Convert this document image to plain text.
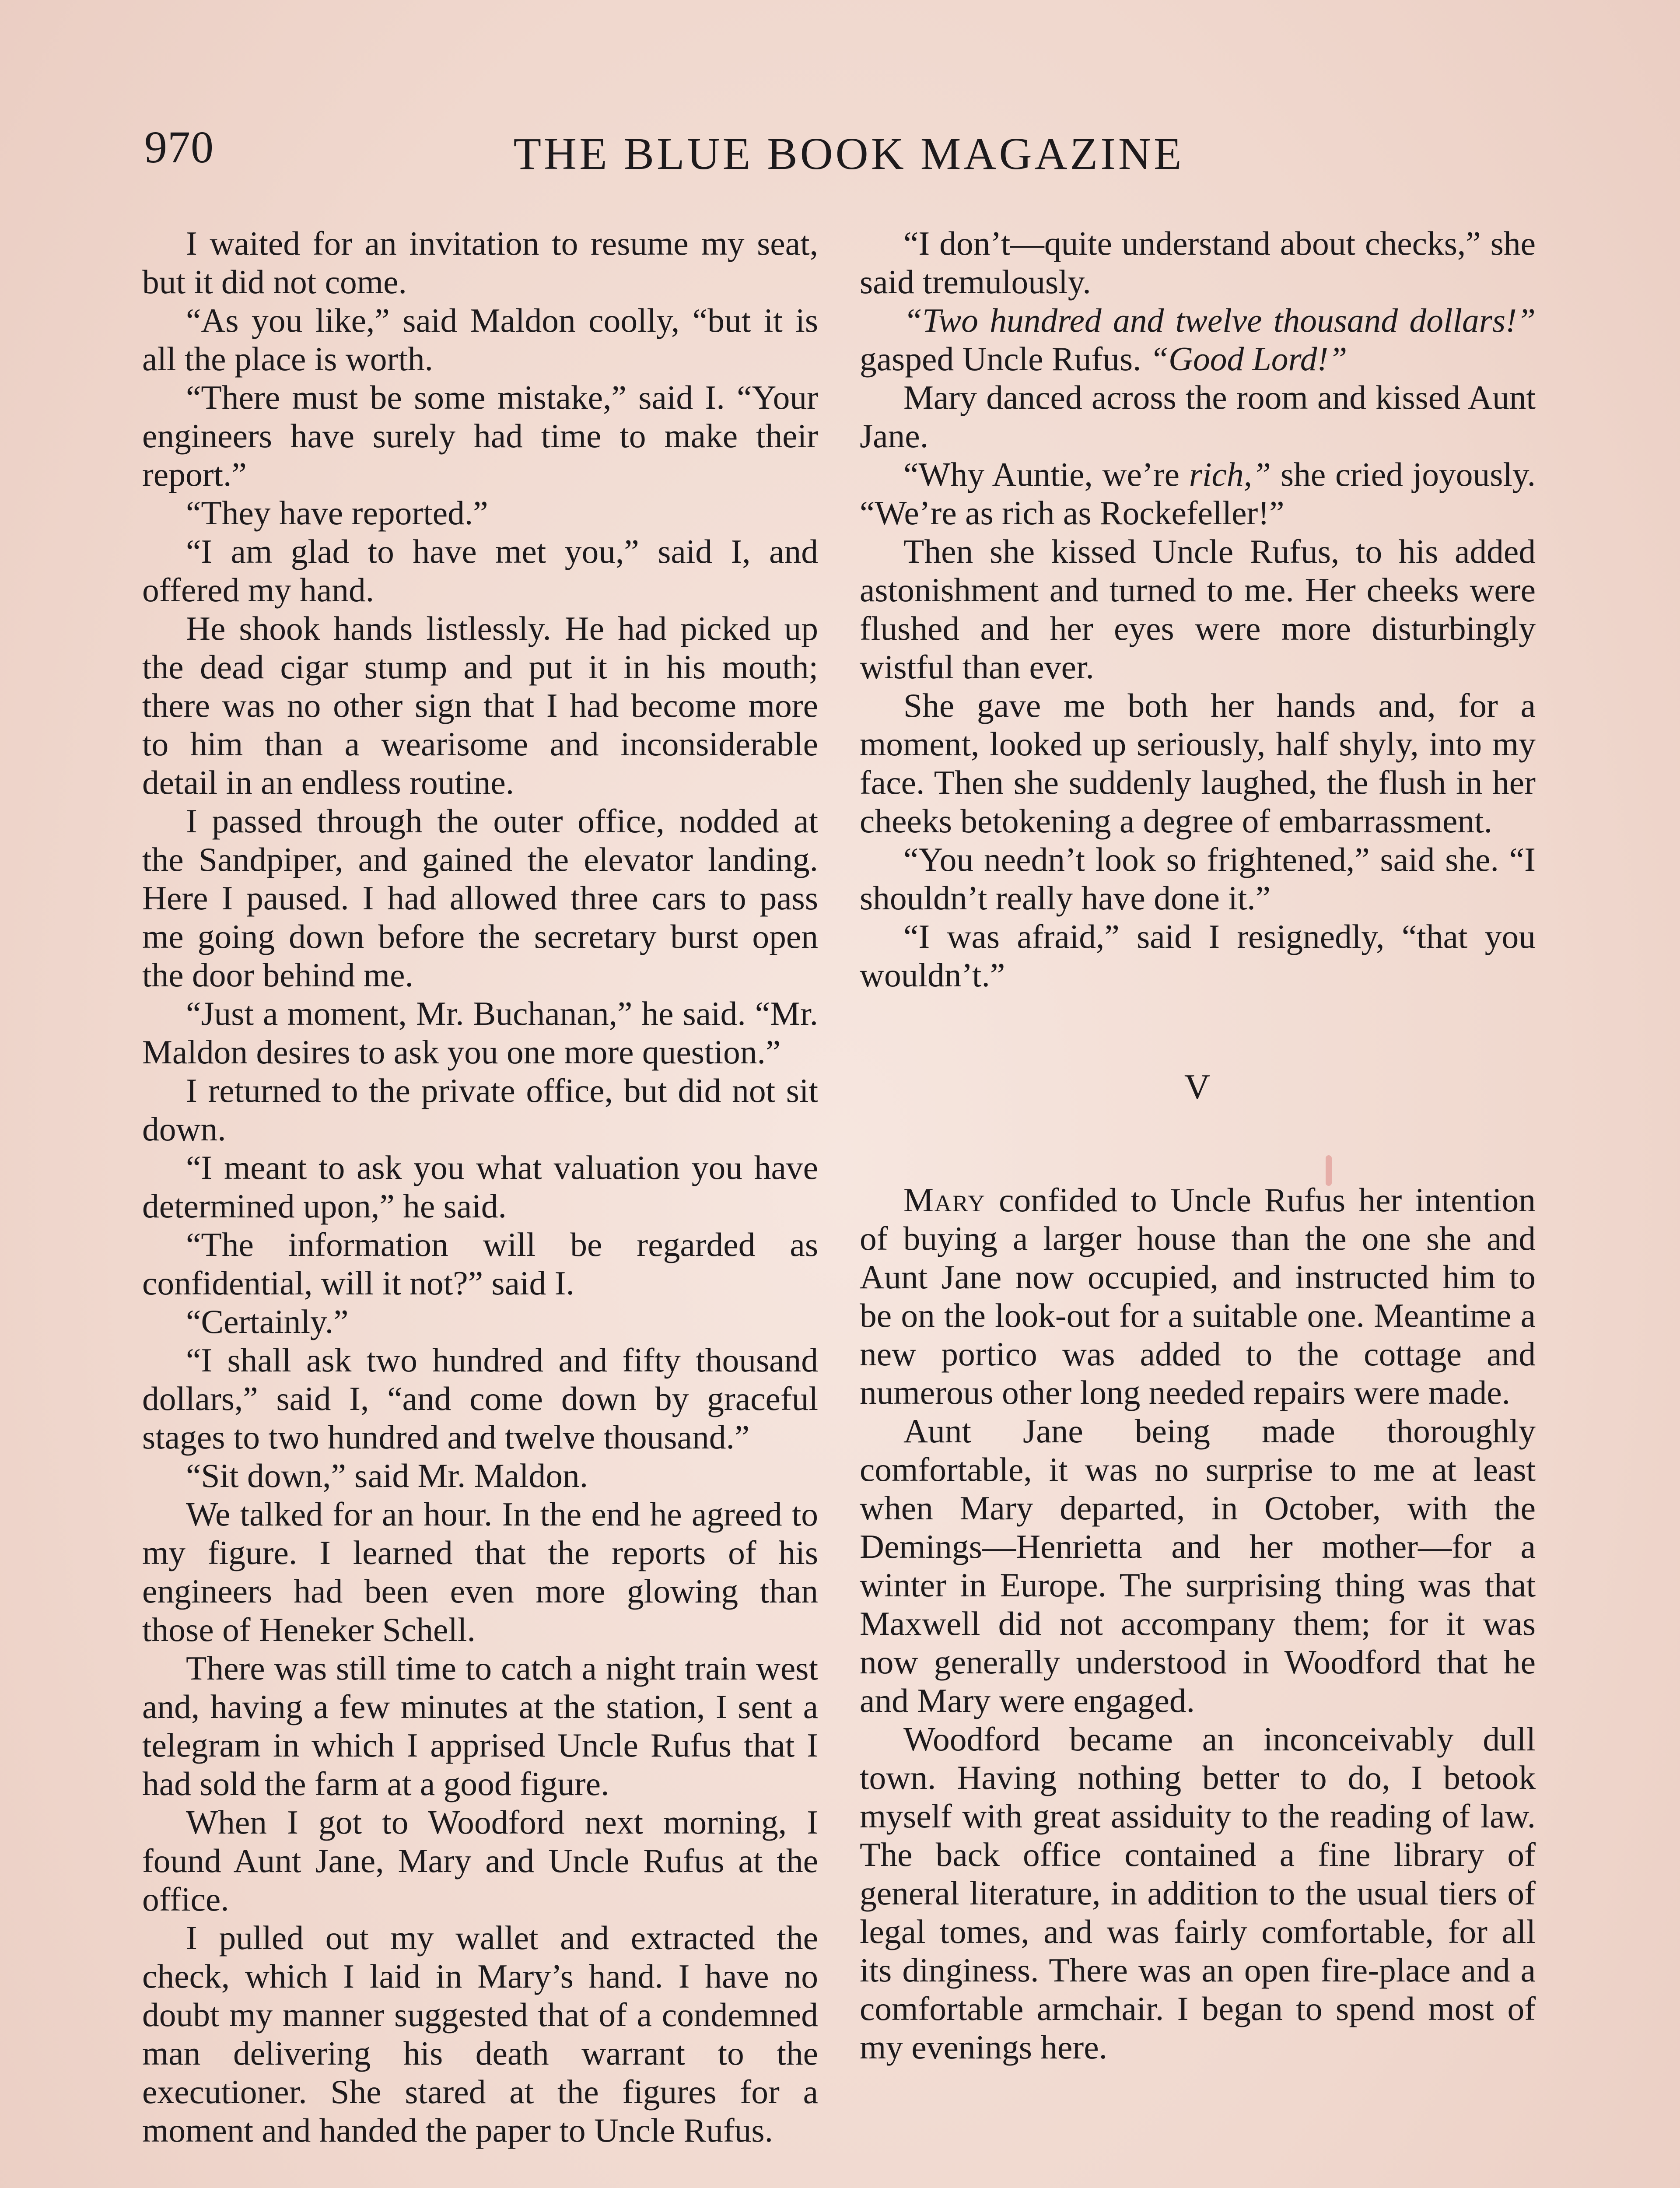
970	THE BLUE BOOK MAGAZINE

I waited for an invitation to resume my seat, but it did not come.

“As you like,” said Maldon coolly, “but it is all the place is worth.

“There must be some mistake,” said I. “Your engineers have surely had time to make their report.”

“They have reported.”

“I am glad to have met you,” said I, and offered my hand.

He shook hands listlessly. He had picked up the dead cigar stump and put it in his mouth; there was no other sign that I had become more to him than a wearisome and inconsiderable detail in an endless routine.

I passed through the outer office, nodded at the Sandpiper, and gained the elevator landing. Here I paused. I had allowed three cars to pass me going down before the secretary burst open the door behind me.

“Just a moment, Mr. Buchanan,” he said. “Mr. Maldon desires to ask you one more question.”

I returned to the private office, but did not sit down.

“I meant to ask you what valuation you have determined upon,” he said.

“The information will be regarded as confidential, will it not?” said I.

“Certainly.”

“I shall ask two hundred and fifty thousand dollars,” said I, “and come down by graceful stages to two hundred and twelve thousand.”

“Sit down,” said Mr. Maldon.

We talked for an hour. In the end he agreed to my figure. I learned that the reports of his engineers had been even more glowing than those of Heneker Schell.

There was still time to catch a night train west and, having a few minutes at the station, I sent a telegram in which I apprised Uncle Rufus that I had sold the farm at a good figure.

When I got to Woodford next morning, I found Aunt Jane, Mary and Uncle Rufus at the office.

I pulled out my wallet and extracted the check, which I laid in Mary’s hand. I have no doubt my manner suggested that of a condemned man delivering his death warrant to the executioner. She stared at the figures for a moment and handed the paper to Uncle Rufus.

“I don’t—quite understand about checks,” she said tremulously.

“Two hundred and twelve thousand dollars!” gasped Uncle Rufus. “Good Lord!”

Mary danced across the room and kissed Aunt Jane.

“Why Auntie, we’re rich,” she cried joyously. “We’re as rich as Rockefeller!”

Then she kissed Uncle Rufus, to his added astonishment and turned to me. Her cheeks were flushed and her eyes were more disturbingly wistful than ever.

She gave me both her hands and, for a moment, looked up seriously, half shyly, into my face. Then she suddenly laughed, the flush in her cheeks betokening a degree of embarrassment.

“You needn’t look so frightened,” said she. “I shouldn’t really have done it.”

“I was afraid,” said I resignedly, “that you wouldn’t.”

V

Mary confided to Uncle Rufus her intention of buying a larger house than the one she and Aunt Jane now occupied, and instructed him to be on the look-out for a suitable one. Meantime a new portico was added to the cottage and numerous other long needed repairs were made.

Aunt Jane being made thoroughly comfortable, it was no surprise to me at least when Mary departed, in October, with the Demings—Henrietta and her mother—for a winter in Europe. The surprising thing was that Maxwell did not accompany them; for it was now generally understood in Woodford that he and Mary were engaged.

Woodford became an inconceivably dull town. Having nothing better to do, I betook myself with great assiduity to the reading of law. The back office contained a fine library of general literature, in addition to the usual tiers of legal tomes, and was fairly comfortable, for all its dinginess. There was an open fire-place and a comfortable armchair. I began to spend most of my evenings here.
